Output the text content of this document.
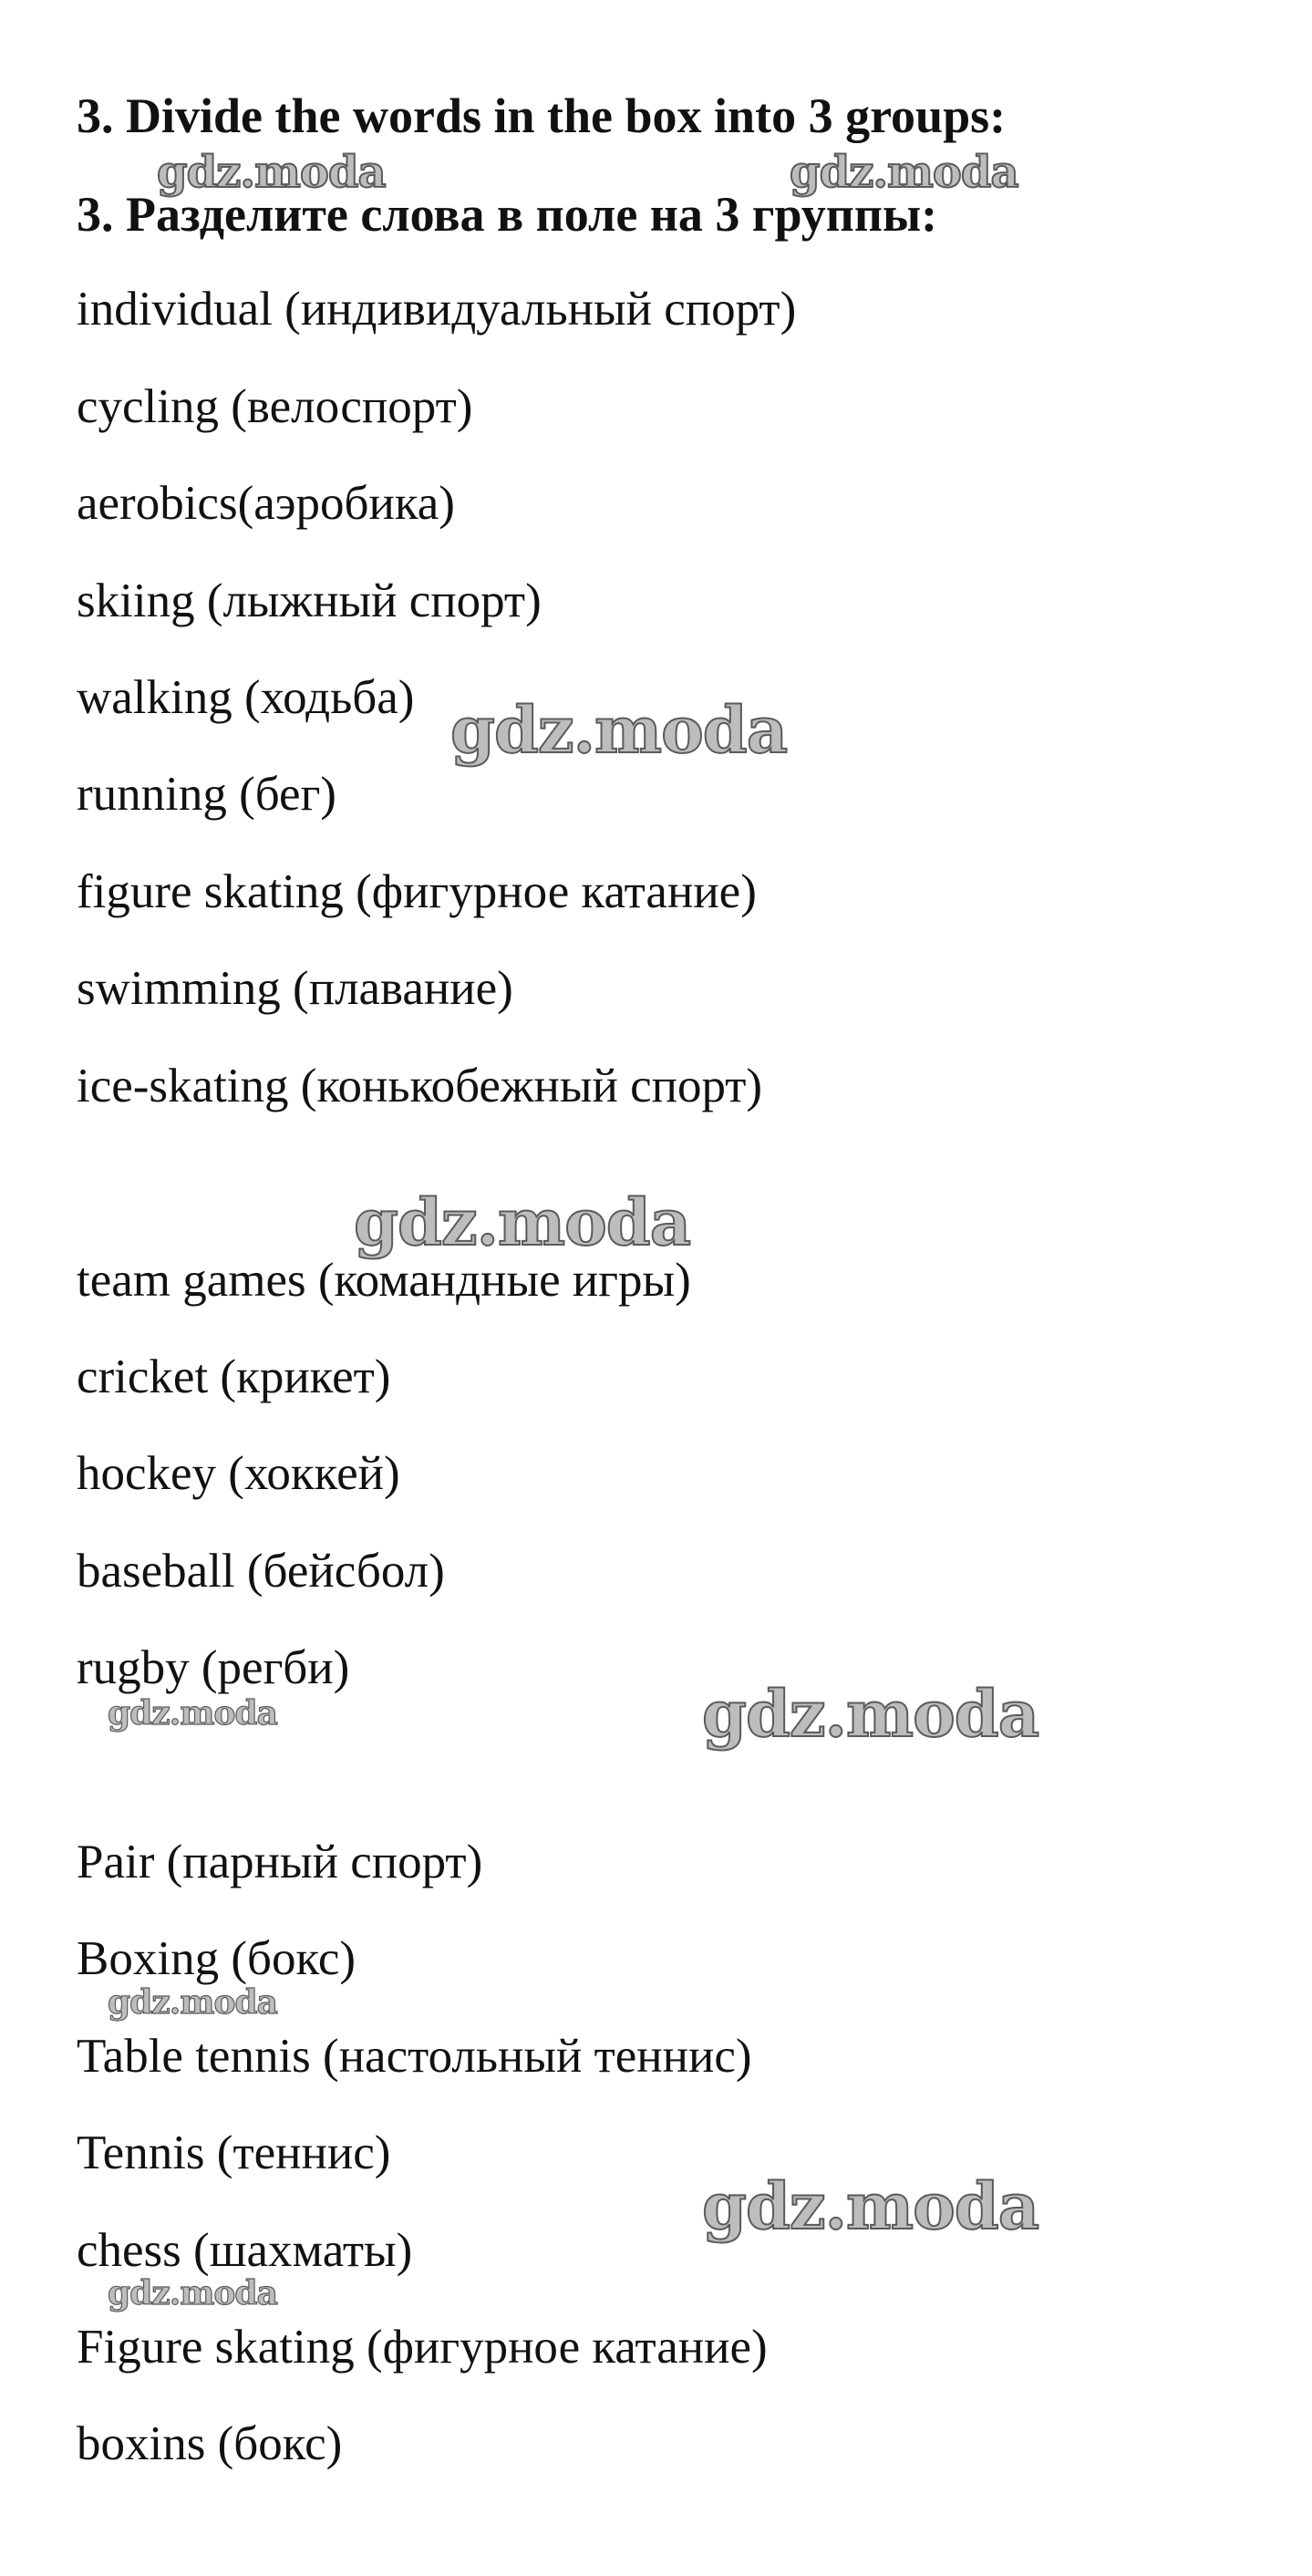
3. Divide the words in the box into 3 groups:
3. Разделите слова в поле на 3 группы:

individual (индивидуальный спорт)

cycling (велоспорт)

aerobics(аэробика)

skiing (лыжный спорт)

walking (ходьба)

running (бег)

figure skating (фигурное катание)

swimming (плавание)

ice-skating (конькобежный спорт)

team games (командные игры)

cricket (крикет)

hockey (хоккей)

baseball (бейсбол)

rugby (регби)

Pair (парный спорт)

Boxing (бокс)

Table tennis (настольный теннис)

Tennis (теннис)

chess (шахматы)

Figure skating (фигурное катание)

boxins (бокс)

gdz.moda	gdz.moda
gdz.moda
gdz.moda
gdz.moda	gdz.moda
gdz.moda
gdz.moda
gdz.moda
